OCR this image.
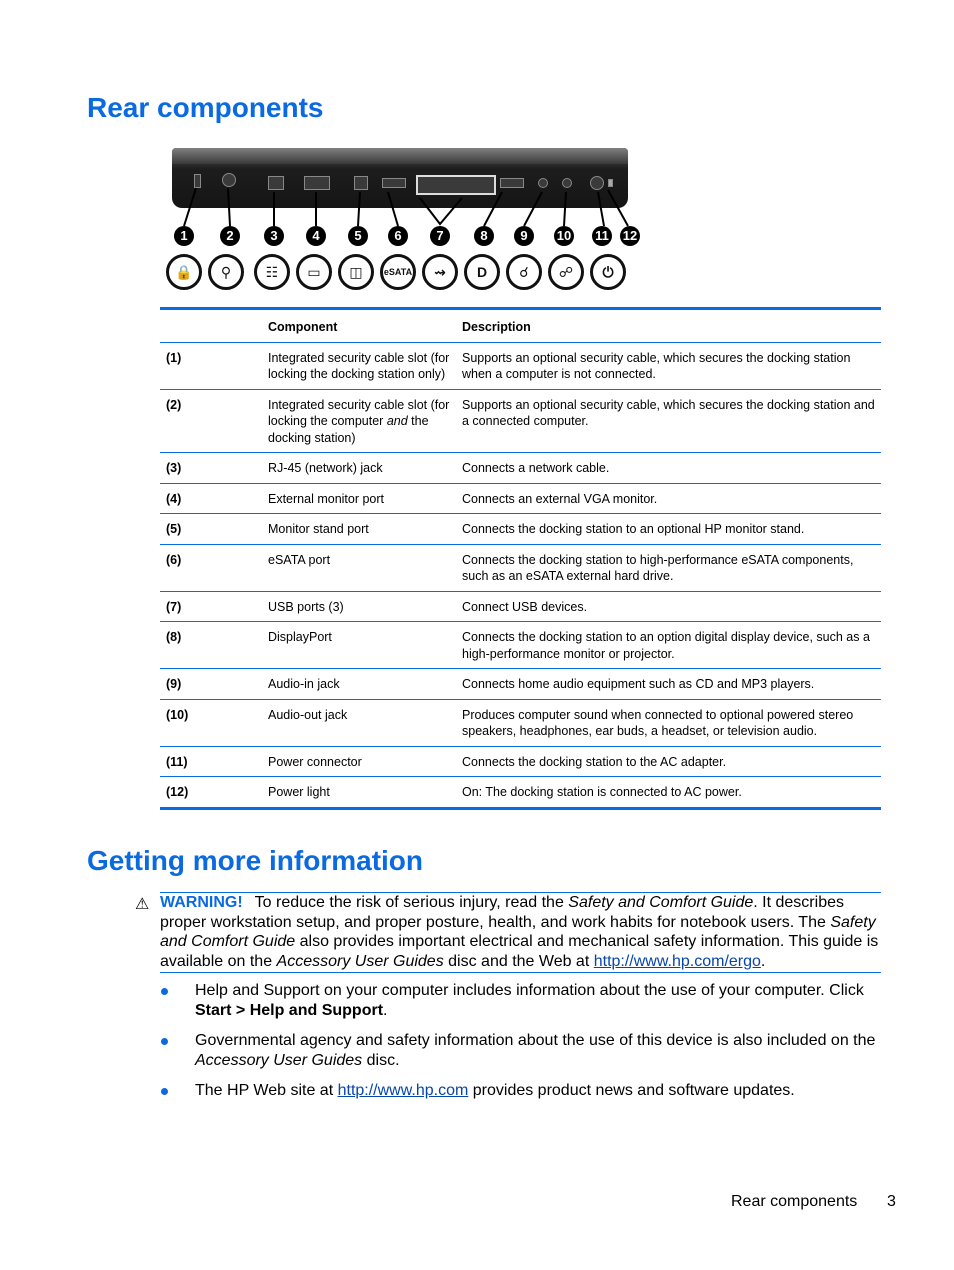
Rear components
1	2	3	4	5	6	7	8	9	10 11 12
🔒	⚲	☷	▭	◫	eSATA	⇝	D	☌	☍	⏻
	Component	Description
(1)	Integrated security cable slot (for locking the docking station only)	Supports an optional security cable, which secures the docking station when a computer is not connected.
(2)	Integrated security cable slot (for locking the computer and the docking station)	Supports an optional security cable, which secures the docking station and a connected computer.
(3)	RJ-45 (network) jack	Connects a network cable.
(4)	External monitor port	Connects an external VGA monitor.
(5)	Monitor stand port	Connects the docking station to an optional HP monitor stand.
(6)	eSATA port	Connects the docking station to high-performance eSATA components, such as an eSATA external hard drive.
(7)	USB ports (3)	Connect USB devices.
(8)	DisplayPort	Connects the docking station to an option digital display device, such as a high-performance monitor or projector.
(9)	Audio-in jack	Connects home audio equipment such as CD and MP3 players.
(10)	Audio-out jack	Produces computer sound when connected to optional powered stereo speakers, headphones, ear buds, a headset, or television audio.
(11)	Power connector	Connects the docking station to the AC adapter.
(12)	Power light	On: The docking station is connected to AC power.
Getting more information
⚠ WARNING! To reduce the risk of serious injury, read the Safety and Comfort Guide. It describes proper workstation setup, and proper posture, health, and work habits for notebook users. The Safety and Comfort Guide also provides important electrical and mechanical safety information. This guide is available on the Accessory User Guides disc and the Web at http://www.hp.com/ergo.
Help and Support on your computer includes information about the use of your computer. Click Start > Help and Support.
Governmental agency and safety information about the use of this device is also included on the Accessory User Guides disc.
The HP Web site at http://www.hp.com provides product news and software updates.
Rear components 3
